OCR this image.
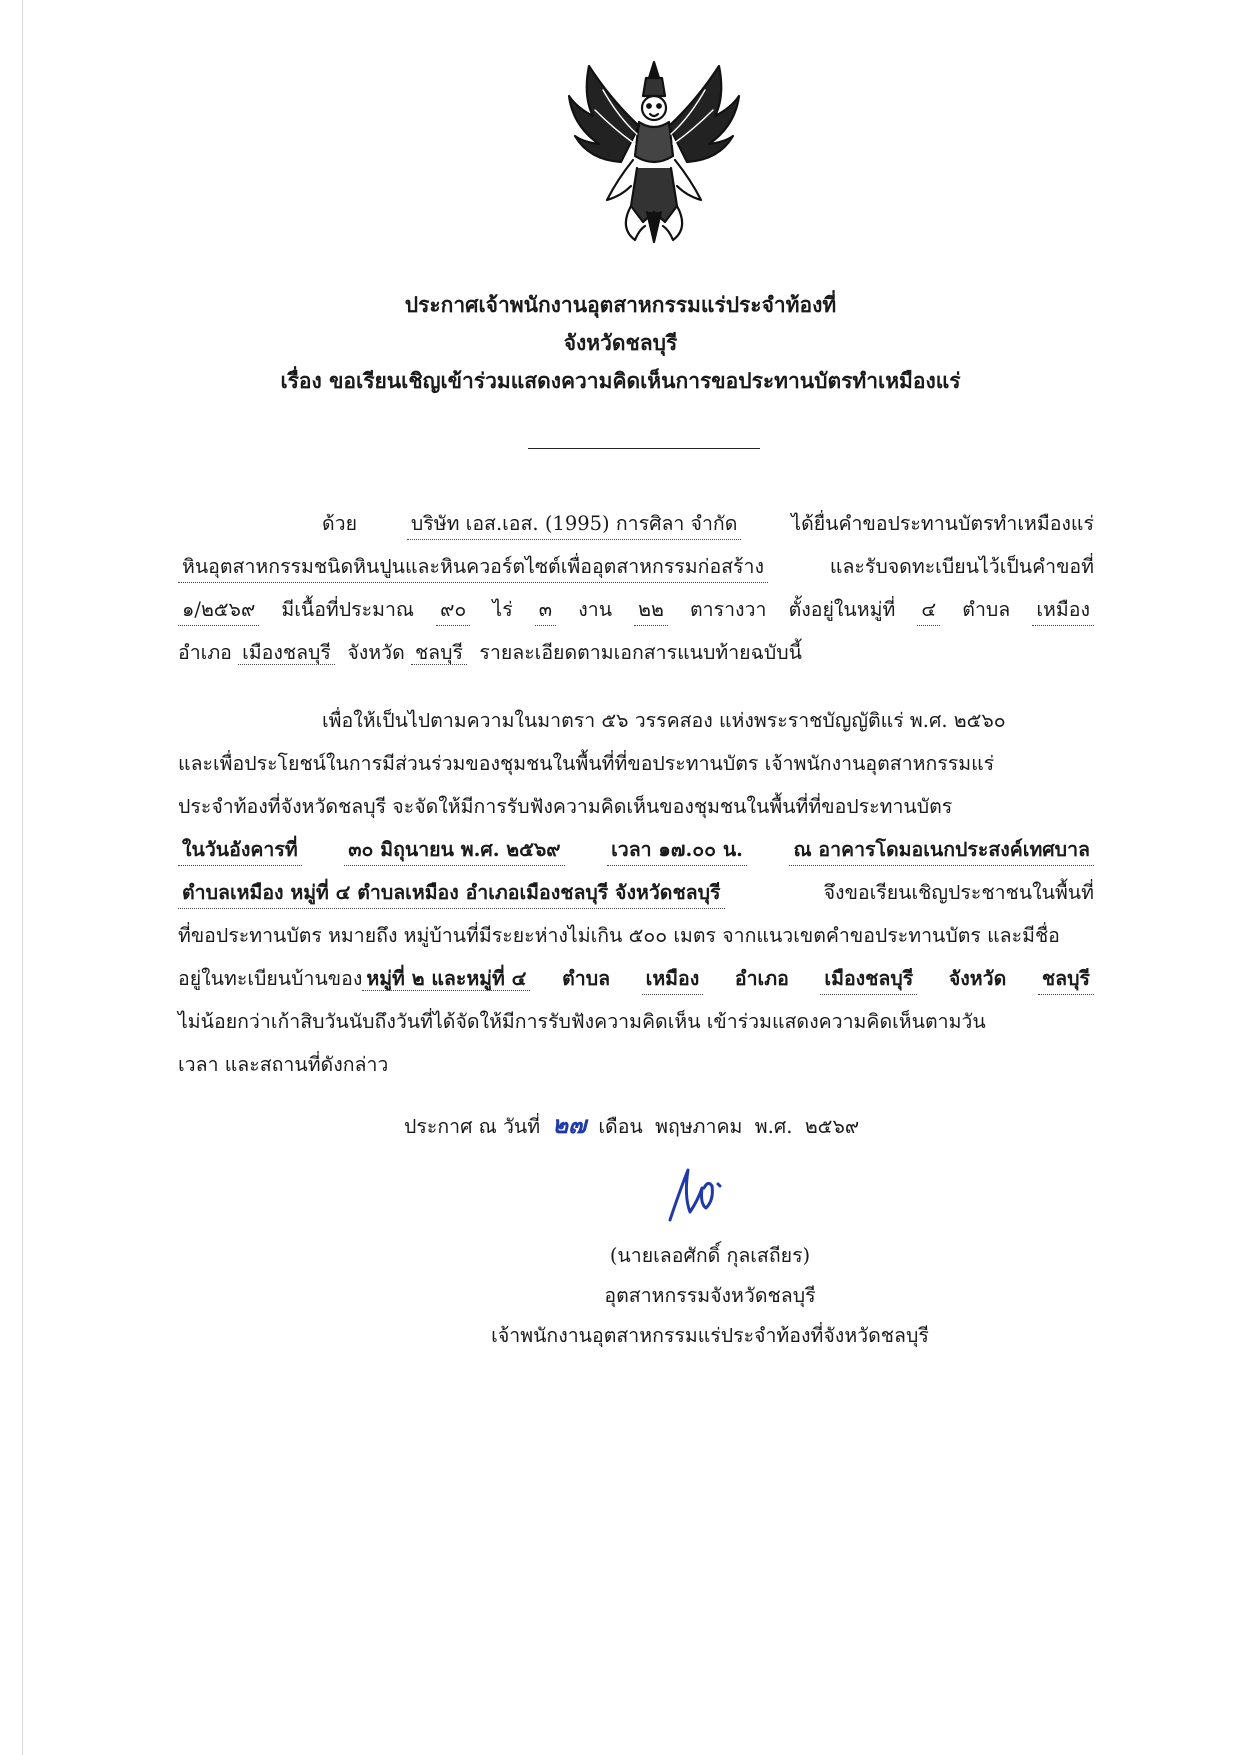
ประกาศเจ้าพนักงานอุตสาหกรรมแร่ประจำท้องที่
จังหวัดชลบุรี
เรื่อง ขอเรียนเชิญเข้าร่วมแสดงความคิดเห็นการขอประทานบัตรทำเหมืองแร่
ด้วย	บริษัท เอส.เอส. (1995) การศิลา จำกัด	ได้ยื่นคำขอประทานบัตรทำเหมืองแร่
หินอุตสาหกรรมชนิดหินปูนและหินควอร์ตไซต์เพื่ออุตสาหกรรมก่อสร้าง	และรับจดทะเบียนไว้เป็นคำขอที่
๑/๒๕๖๙ มีเนื้อที่ประมาณ ๙๐ ไร่ ๓ งาน ๒๒ ตารางวา ตั้งอยู่ในหมู่ที่ ๔ ตำบล เหมือง
อำเภอ เมืองชลบุรี จังหวัด ชลบุรี รายละเอียดตามเอกสารแนบท้ายฉบับนี้
เพื่อให้เป็นไปตามความในมาตรา ๕๖ วรรคสอง แห่งพระราชบัญญัติแร่ พ.ศ. ๒๕๖๐
และเพื่อประโยชน์ในการมีส่วนร่วมของชุมชนในพื้นที่ที่ขอประทานบัตร เจ้าพนักงานอุตสาหกรรมแร่
ประจำท้องที่จังหวัดชลบุรี จะจัดให้มีการรับฟังความคิดเห็นของชุมชนในพื้นที่ที่ขอประทานบัตร
ในวันอังคารที่	๓๐ มิถุนายน พ.ศ. ๒๕๖๙	เวลา ๑๗.๐๐ น.	ณ อาคารโดมอเนกประสงค์เทศบาล
ตำบลเหมือง หมู่ที่ ๔ ตำบลเหมือง อำเภอเมืองชลบุรี จังหวัดชลบุรี	จึงขอเรียนเชิญประชาชนในพื้นที่
ที่ขอประทานบัตร หมายถึง หมู่บ้านที่มีระยะห่างไม่เกิน ๕๐๐ เมตร จากแนวเขตคำขอประทานบัตร และมีชื่อ
อยู่ในทะเบียนบ้านของ หมู่ที่ ๒ และหมู่ที่ ๔ ตำบล เหมือง อำเภอ เมืองชลบุรี จังหวัด ชลบุรี
ไม่น้อยกว่าเก้าสิบวันนับถึงวันที่ได้จัดให้มีการรับฟังความคิดเห็น เข้าร่วมแสดงความคิดเห็นตามวัน
เวลา และสถานที่ดังกล่าว
ประกาศ ณ วันที่ ๒๗ เดือน พฤษภาคม พ.ศ. ๒๕๖๙
(นายเลอศักดิ์ กุลเสถียร)
อุตสาหกรรมจังหวัดชลบุรี
เจ้าพนักงานอุตสาหกรรมแร่ประจำท้องที่จังหวัดชลบุรี
